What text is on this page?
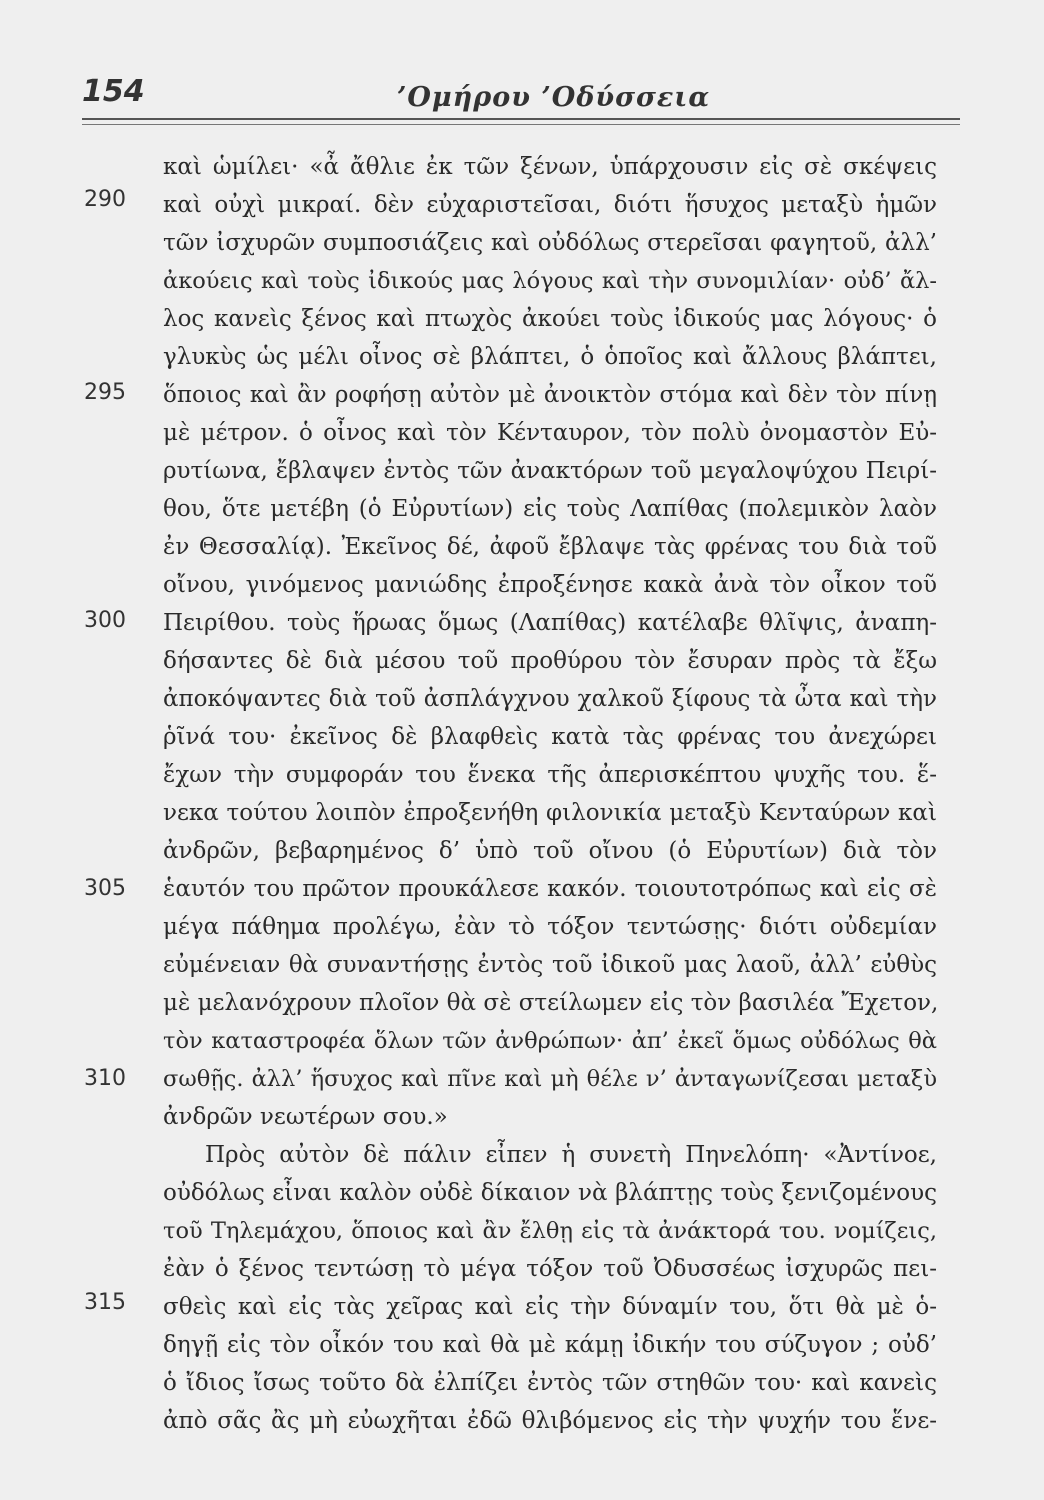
154	’Ομήρου ’Οδύσσεια
290
295
300
305
310
315
καὶ ὡμίλει· «ἆ ἄθλιε ἐκ τῶν ξένων, ὑπάρχουσιν εἰς σὲ σκέψεις
καὶ οὐχὶ μικραί. δὲν εὐχαριστεῖσαι, διότι ἥσυχος μεταξὺ ἡμῶν
τῶν ἰσχυρῶν συμποσιάζεις καὶ οὐδόλως στερεῖσαι φαγητοῦ, ἀλλ’
ἀκούεις καὶ τοὺς ἰδικούς μας λόγους καὶ τὴν συνομιλίαν· οὐδ’ ἄλ-
λος κανεὶς ξένος καὶ πτωχὸς ἀκούει τοὺς ἰδικούς μας λόγους· ὁ
γλυκὺς ὡς μέλι οἶνος σὲ βλάπτει, ὁ ὁποῖος καὶ ἄλλους βλάπτει,
ὅποιος καὶ ἂν ροφήσῃ αὐτὸν μὲ ἀνοικτὸν στόμα καὶ δὲν τὸν πίνῃ
μὲ μέτρον. ὁ οἶνος καὶ τὸν Κένταυρον, τὸν πολὺ ὀνομαστὸν Εὐ-
ρυτίωνα, ἔβλαψεν ἐντὸς τῶν ἀνακτόρων τοῦ μεγαλοψύχου Πειρί-
θου, ὅτε μετέβη (ὁ Εὐρυτίων) εἰς τοὺς Λαπίθας (πολεμικὸν λαὸν
ἐν Θεσσαλίᾳ). Ἐκεῖνος δέ, ἀφοῦ ἔβλαψε τὰς φρένας του διὰ τοῦ
οἴνου, γινόμενος μανιώδης ἐπροξένησε κακὰ ἀνὰ τὸν οἶκον τοῦ
Πειρίθου. τοὺς ἥρωας ὅμως (Λαπίθας) κατέλαβε θλῖψις, ἀναπη-
δήσαντες δὲ διὰ μέσου τοῦ προθύρου τὸν ἔσυραν πρὸς τὰ ἔξω
ἀποκόψαντες διὰ τοῦ ἀσπλάγχνου χαλκοῦ ξίφους τὰ ὦτα καὶ τὴν
ῥῖνά του· ἐκεῖνος δὲ βλαφθεὶς κατὰ τὰς φρένας του ἀνεχώρει
ἔχων τὴν συμφοράν του ἕνεκα τῆς ἀπερισκέπτου ψυχῆς του. ἕ-
νεκα τούτου λοιπὸν ἐπροξενήθη φιλονικία μεταξὺ Κενταύρων καὶ
ἀνδρῶν, βεβαρημένος δ’ ὑπὸ τοῦ οἴνου (ὁ Εὐρυτίων) διὰ τὸν
ἑαυτόν του πρῶτον προυκάλεσε κακόν. τοιουτοτρόπως καὶ εἰς σὲ
μέγα πάθημα προλέγω, ἐὰν τὸ τόξον τεντώσῃς· διότι οὐδεμίαν
εὐμένειαν θὰ συναντήσῃς ἐντὸς τοῦ ἰδικοῦ μας λαοῦ, ἀλλ’ εὐθὺς
μὲ μελανόχρουν πλοῖον θὰ σὲ στείλωμεν εἰς τὸν βασιλέα Ἔχετον,
τὸν καταστροφέα ὅλων τῶν ἀνθρώπων· ἀπ’ ἐκεῖ ὅμως οὐδόλως θὰ
σωθῇς. ἀλλ’ ἥσυχος καὶ πῖνε καὶ μὴ θέλε ν’ ἀνταγωνίζεσαι μεταξὺ
ἀνδρῶν νεωτέρων σου.»
Πρὸς αὐτὸν δὲ πάλιν εἶπεν ἡ συνετὴ Πηνελόπη· «Ἀντίνοε,
οὐδόλως εἶναι καλὸν οὐδὲ δίκαιον νὰ βλάπτῃς τοὺς ξενιζομένους
τοῦ Τηλεμάχου, ὅποιος καὶ ἂν ἔλθῃ εἰς τὰ ἀνάκτορά του. νομίζεις,
ἐὰν ὁ ξένος τεντώσῃ τὸ μέγα τόξον τοῦ Ὀδυσσέως ἰσχυρῶς πει-
σθεὶς καὶ εἰς τὰς χεῖρας καὶ εἰς τὴν δύναμίν του, ὅτι θὰ μὲ ὁ-
δηγῇ εἰς τὸν οἶκόν του καὶ θὰ μὲ κάμῃ ἰδικήν του σύζυγον ; οὐδ’
ὁ ἴδιος ἴσως τοῦτο δὰ ἐλπίζει ἐντὸς τῶν στηθῶν του· καὶ κανεὶς
ἀπὸ σᾶς ἂς μὴ εὐωχῆται ἐδῶ θλιβόμενος εἰς τὴν ψυχήν του ἕνε-
